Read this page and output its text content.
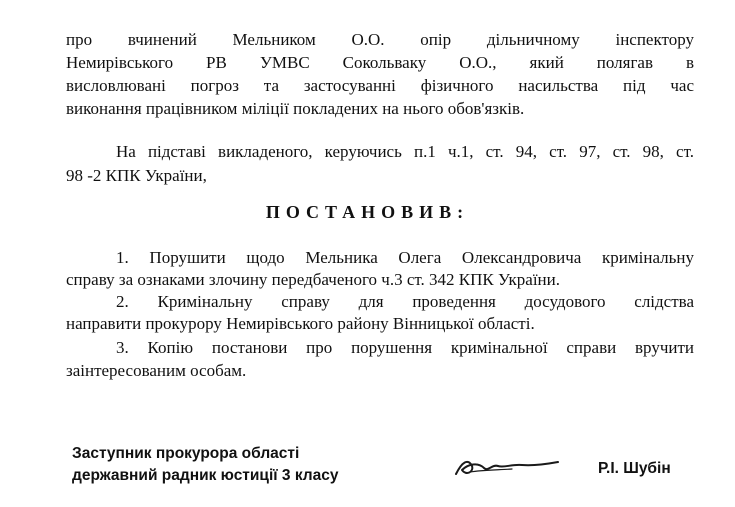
про вчинений Мельником О.О. опір дільничному інспектору
Немирівського РВ УМВС Сокольваку О.О., який полягав в
висловлювані погроз та застосуванні фізичного насильства під час
виконання працівником міліції покладених на нього обов'язків.
На підставі викладеного, керуючись п.1 ч.1, ст. 94, ст. 97, ст. 98, ст.
98 -2 КПК України,
ПОСТАНОВИВ:
1. Порушити щодо Мельника Олега Олександровича кримінальну
справу за ознаками злочину передбаченого ч.3 ст. 342 КПК України.
2. Кримінальну справу для проведення досудового слідства
направити прокурору Немирівського району Вінницької області.
3. Копію постанови про порушення кримінальної справи вручити
заінтересованим особам.
Заступник прокурора області
державний радник юстиції 3 класу	Р.І. Шубін
